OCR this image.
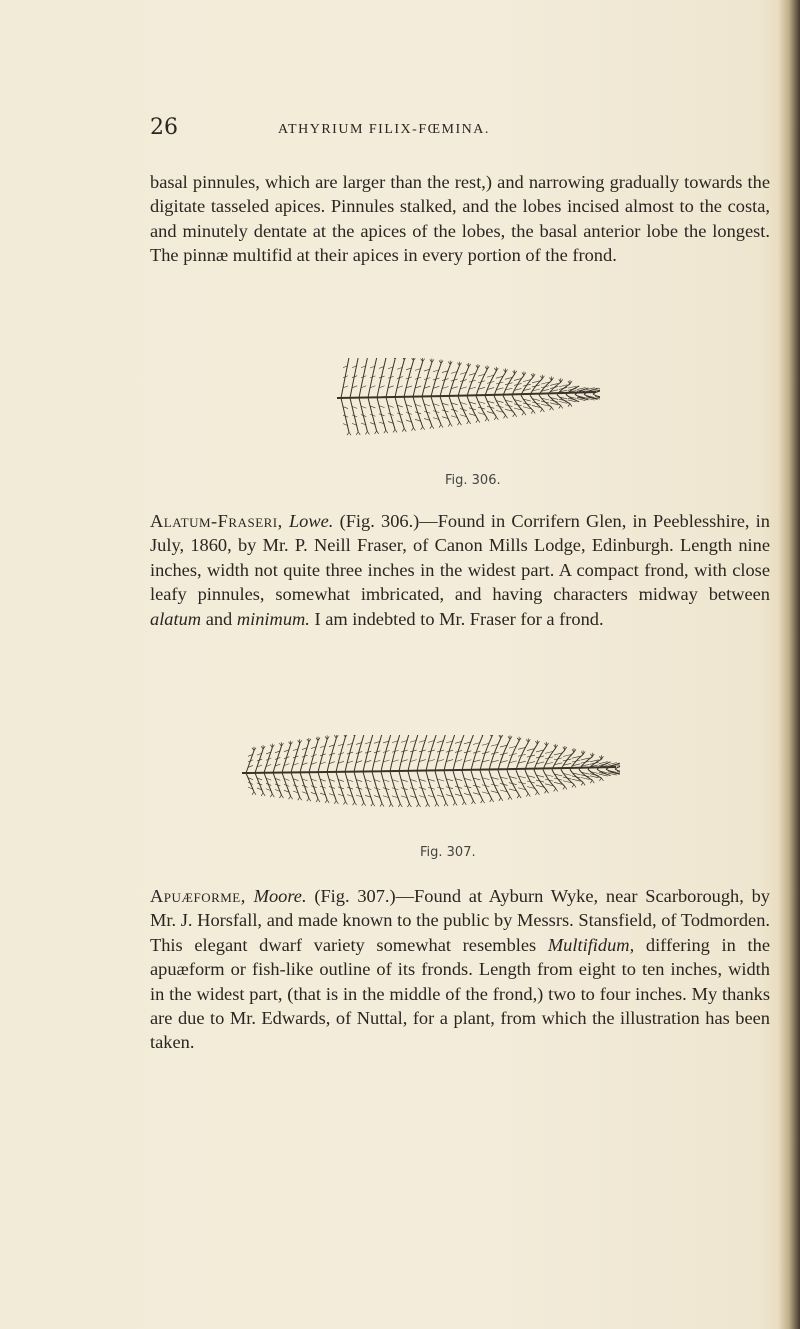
26	ATHYRIUM FILIX-FŒMINA.

basal pinnules, which are larger than the rest,) and narrowing gradually towards the digitate tasseled apices. Pinnules stalked, and the lobes incised almost to the costa, and minutely dentate at the apices of the lobes, the basal anterior lobe the longest. The pinnæ multifid at their apices in every portion of the frond.

Fig. 306.

Alatum-Fraseri, Lowe. (Fig. 306.)—Found in Corrifern Glen, in Peeblesshire, in July, 1860, by Mr. P. Neill Fraser, of Canon Mills Lodge, Edinburgh. Length nine inches, width not quite three inches in the widest part. A compact frond, with close leafy pinnules, somewhat imbricated, and having characters midway between alatum and minimum. I am indebted to Mr. Fraser for a frond.

Fig. 307.

Apuæforme, Moore. (Fig. 307.)—Found at Ayburn Wyke, near Scarborough, by Mr. J. Horsfall, and made known to the public by Messrs. Stansfield, of Todmorden. This elegant dwarf variety somewhat resembles Multifidum, differing in the apuæform or fish-like outline of its fronds. Length from eight to ten inches, width in the widest part, (that is in the middle of the frond,) two to four inches. My thanks are due to Mr. Edwards, of Nuttal, for a plant, from which the illustration has been taken.
